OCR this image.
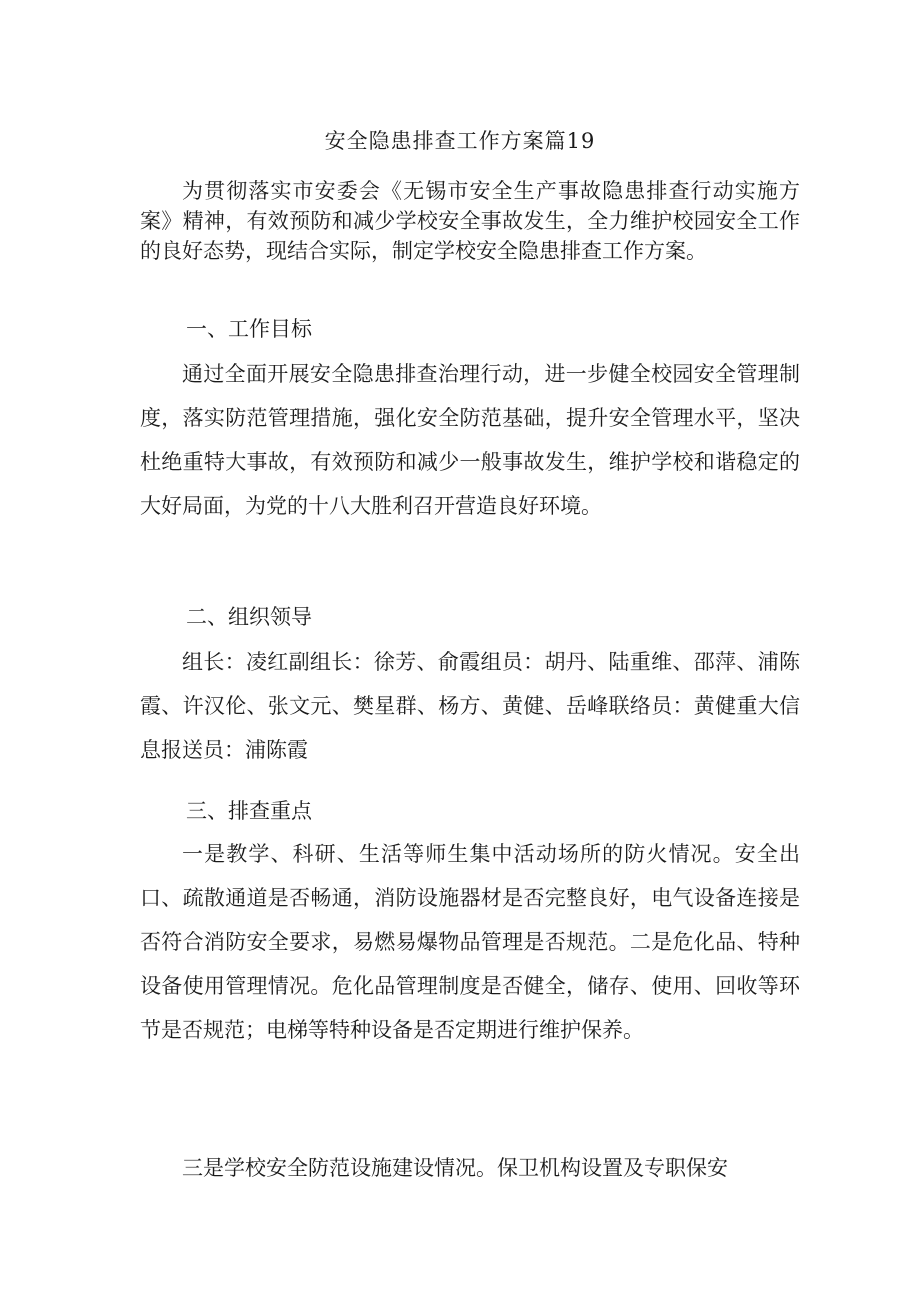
安全隐患排查工作方案篇19

为贯彻落实市安委会《无锡市安全生产事故隐患排查行动实施方案》精神，有效预防和减少学校安全事故发生，全力维护校园安全工作的良好态势，现结合实际，制定学校安全隐患排查工作方案。

一、工作目标

通过全面开展安全隐患排查治理行动，进一步健全校园安全管理制度，落实防范管理措施，强化安全防范基础，提升安全管理水平，坚决杜绝重特大事故，有效预防和减少一般事故发生，维护学校和谐稳定的大好局面，为党的十八大胜利召开营造良好环境。

二、组织领导

组长：凌红副组长：徐芳、俞霞组员：胡丹、陆重维、邵萍、浦陈霞、许汉伦、张文元、樊星群、杨方、黄健、岳峰联络员：黄健重大信息报送员：浦陈霞

三、排查重点

一是教学、科研、生活等师生集中活动场所的防火情况。安全出口、疏散通道是否畅通，消防设施器材是否完整良好，电气设备连接是否符合消防安全要求，易燃易爆物品管理是否规范。二是危化品、特种设备使用管理情况。危化品管理制度是否健全，储存、使用、回收等环节是否规范；电梯等特种设备是否定期进行维护保养。

三是学校安全防范设施建设情况。保卫机构设置及专职保安
